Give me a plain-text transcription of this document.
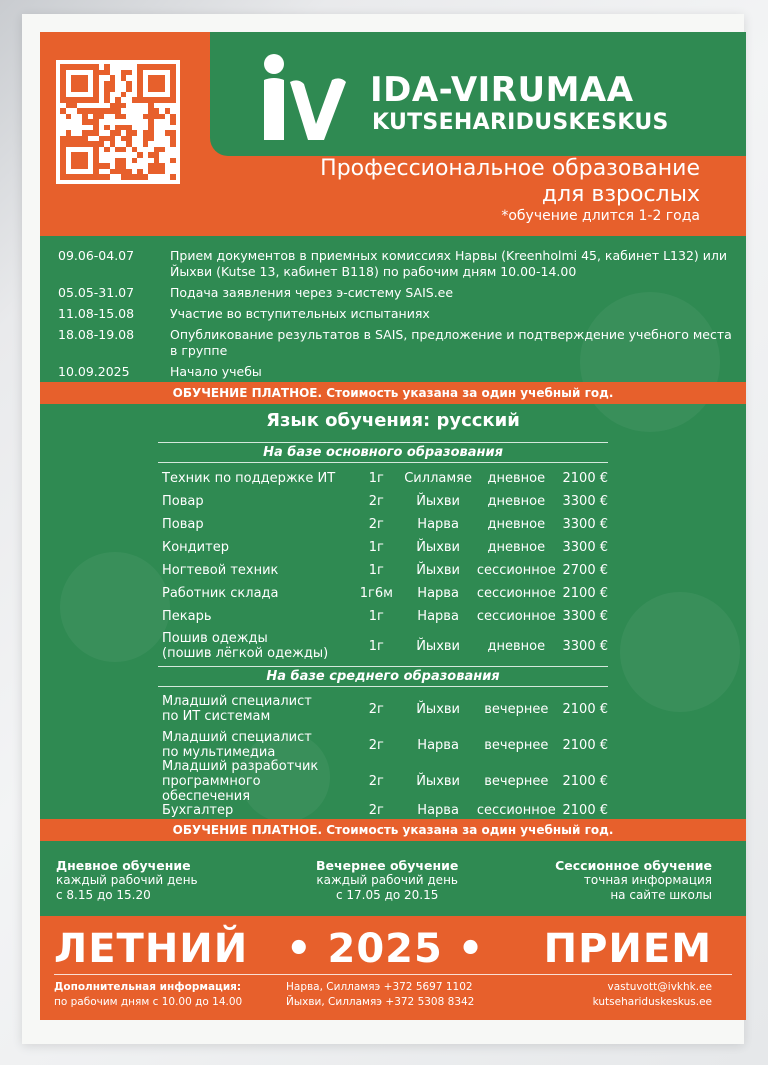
IDA-VIRUMAA
KUTSEHARIDUSKESKUS
Профессиональное образование
для взрослых
*обучение длится 1-2 года
09.06-04.07	Прием документов в приемных комиссиях Нарвы (Kreenholmi 45, кабинет L132) или Йыхви (Kutse 13, кабинет B118) по рабочим дням 10.00-14.00
05.05-31.07	Подача заявления через э-систему SAIS.ee
11.08-15.08	Участие во вступительных испытаниях
18.08-19.08	Опубликование результатов в SAIS, предложение и подтверждение учебного места в группе
10.09.2025	Начало учебы
ОБУЧЕНИЕ ПЛАТНОЕ. Стоимость указана за один учебный год.
Язык обучения: русский
На базе основного образования
Техник по поддержке ИТ	1г	Силламяе	дневное	2100 €
Повар	2г	Йыхви	дневное	3300 €
Повар	2г	Нарва	дневное	3300 €
Кондитер	1г	Йыхви	дневное	3300 €
Ногтевой техник	1г	Йыхви	сессионное 2700 €
Работник склада	1г6м	Нарва	сессионное 2100 €
Пекарь	1г	Нарва	сессионное 3300 €
Пошив одежды
(пошив лёгкой одежды)	1г	Йыхви	дневное	3300 €
На базе среднего образования
Младший специалист
по ИТ системам	2г	Йыхви	вечернее	2100 €
Младший специалист
по мультимедиа	2г	Нарва	вечернее	2100 €
Младший разработчик
программного обеспечения
2г	Йыхви	вечернее	2100 €
Бухгалтер	2г	Нарва	сессионное 2100 €
ОБУЧЕНИЕ ПЛАТНОЕ. Стоимость указана за один учебный год.
Дневное обучение
каждый рабочий день
с 8.15 до 15.20
Вечернее обучение
каждый рабочий день
с 17.05 до 20.15
Сессионное обучение
точная информация
на сайте школы
ЛЕТНИЙ • 2025 • ПРИЕМ
Дополнительная информация:
по рабочим дням с 10.00 до 14.00
Нарва, Силламяэ +372 5697 1102
Йыхви, Силламяэ +372 5308 8342
vastuvott@ivkhk.ee
kutsehariduskeskus.ee
